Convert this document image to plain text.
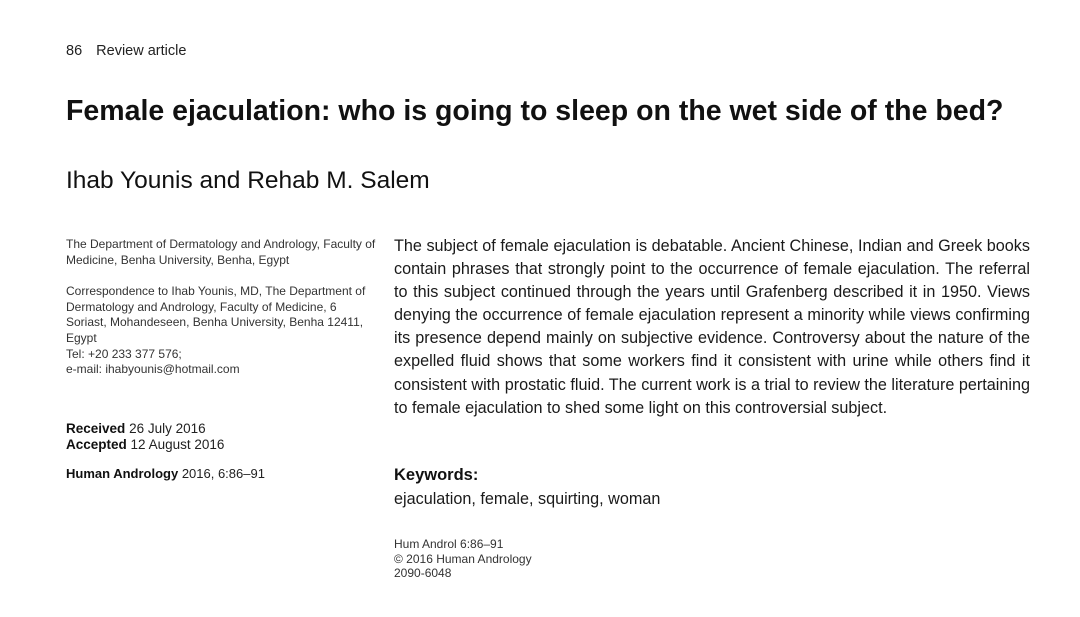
86 Review article
Female ejaculation: who is going to sleep on the wet side of the bed?
Ihab Younis and Rehab M. Salem

The Department of Dermatology and Andrology, Faculty of Medicine, Benha University, Benha, Egypt

Correspondence to Ihab Younis, MD, The Department of Dermatology and Andrology, Faculty of Medicine, 6 Soriast, Mohandeseen, Benha University, Benha 12411, Egypt

Tel: +20 233 377 576;

e-mail: ihabyounis@hotmail.com

Received 26 July 2016
Accepted 12 August 2016
Human Andrology 2016, 6:86–91

The subject of female ejaculation is debatable. Ancient Chinese, Indian and Greek books contain phrases that strongly point to the occurrence of female ejaculation. The referral to this subject continued through the years until Grafenberg described it in 1950. Views denying the occurrence of female ejaculation represent a minority while views confirming its presence depend mainly on subjective evidence. Controversy about the nature of the expelled fluid shows that some workers find it consistent with urine while others find it consistent with prostatic fluid. The current work is a trial to review the literature pertaining to female ejaculation to shed some light on this controversial subject.

Keywords:
ejaculation, female, squirting, woman
Hum Androl 6:86–91
© 2016 Human Andrology
2090-6048
